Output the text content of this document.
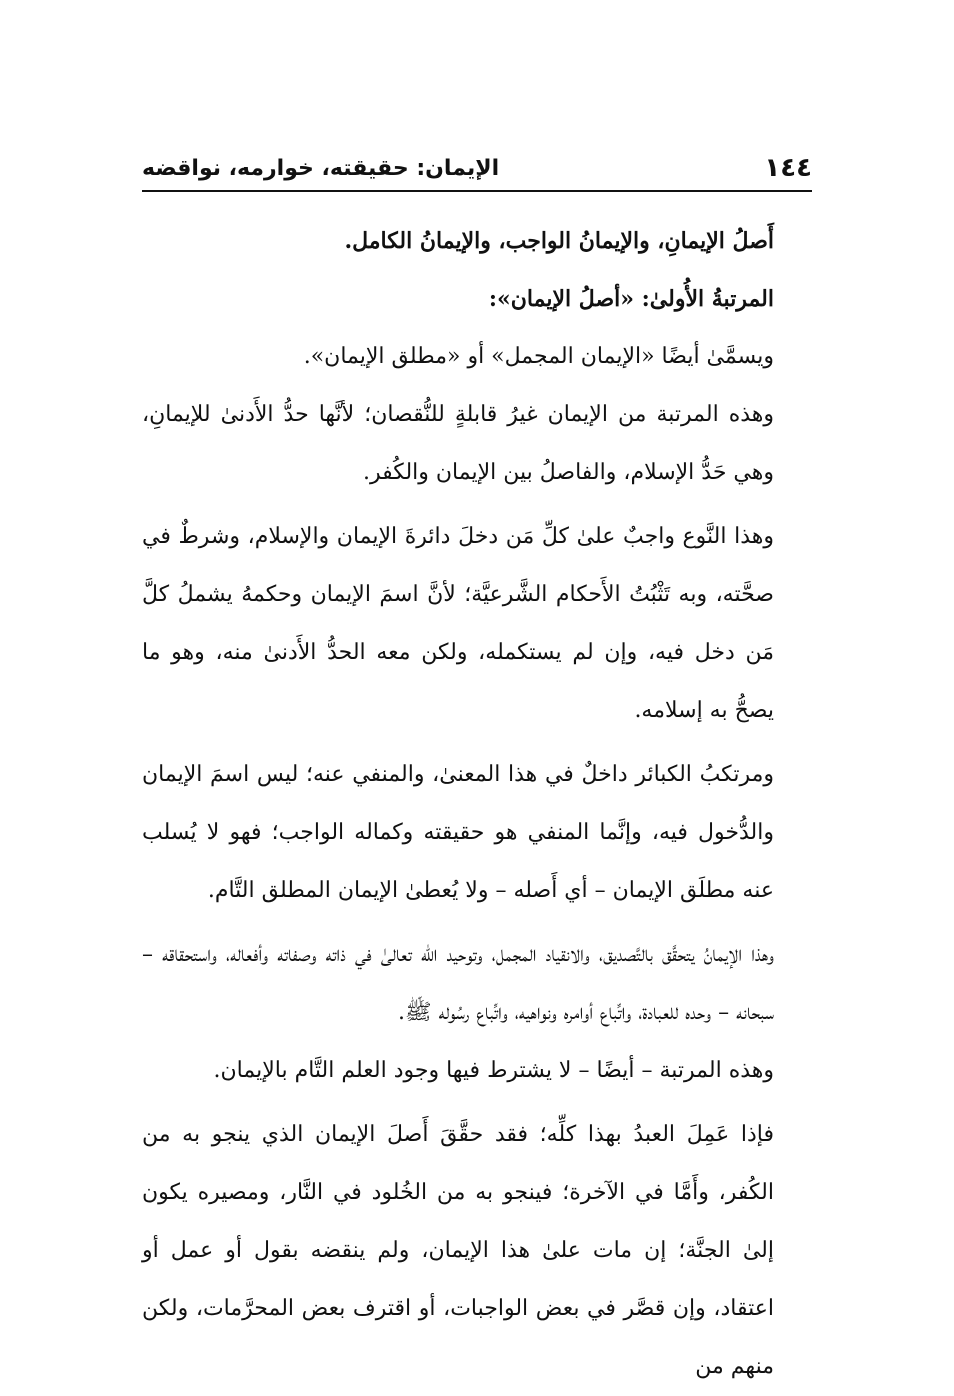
١٤٤
الإيمان: حقيقته، خوارمه، نواقضه

أَصلُ الإيمانِ، والإيمانُ الواجب، والإيمانُ الكامل.

المرتبةُ الأُولىٰ: «أصلُ الإيمان»:

ويسمَّىٰ أيضًا «الإيمان المجمل» أو «مطلق الإيمان».

وهذه المرتبة من الإيمان غيرُ قابلةٍ للنُّقصان؛ لأنَّها حدُّ الأَدنىٰ للإيمانِ، وهي حَدُّ الإسلام، والفاصلُ بين الإيمان والكُفر.

وهذا النَّوع واجبٌ علىٰ كلِّ مَن دخلَ دائرةَ الإيمان والإسلام، وشرطٌ في صحَّته، وبه تَثْبُتُ الأَحكام الشَّرعيَّة؛ لأنَّ اسمَ الإيمان وحكمهُ يشملُ كلَّ مَن دخل فيه، وإن لم يستكمله، ولكن معه الحدُّ الأَدنىٰ منه، وهو ما يصحُّ به إسلامه.

ومرتكبُ الكبائر داخلٌ في هذا المعنىٰ، والمنفي عنه؛ ليس اسمَ الإيمان والدُّخول فيه، وإنَّما المنفي هو حقيقته وكماله الواجب؛ فهو لا يُسلب عنه مطلَق الإيمان – أي أَصله – ولا يُعطىٰ الإيمان المطلق التَّام.

وهذا الإيمانُ يتحقَّق بالتَّصديق، والانقياد المجمل، وتوحيد الله تعالىٰ في ذاته وصفاته وأفعاله، واستحقاقه – سبحانه – وحده للعبادة، واتِّباع أوامره ونواهيه، واتِّباع رسُوله ﷺ.

وهذه المرتبة – أيضًا – لا يشترط فيها وجود العلم التَّام بالإيمان.

فإذا عَمِلَ العبدُ بهذا كلِّه؛ فقد حقَّقَ أَصلَ الإيمان الذي ينجو به من الكُفر، وأَمَّا في الآخرة؛ فينجو به من الخُلود في النَّار، ومصيره يكون إلىٰ الجنَّة؛ إن مات علىٰ هذا الإيمان، ولم ينقضه بقول أو عمل أو اعتقاد، وإن قصَّر في بعض الواجبات، أو اقترف بعض المحرَّمات، ولكن منهم من
